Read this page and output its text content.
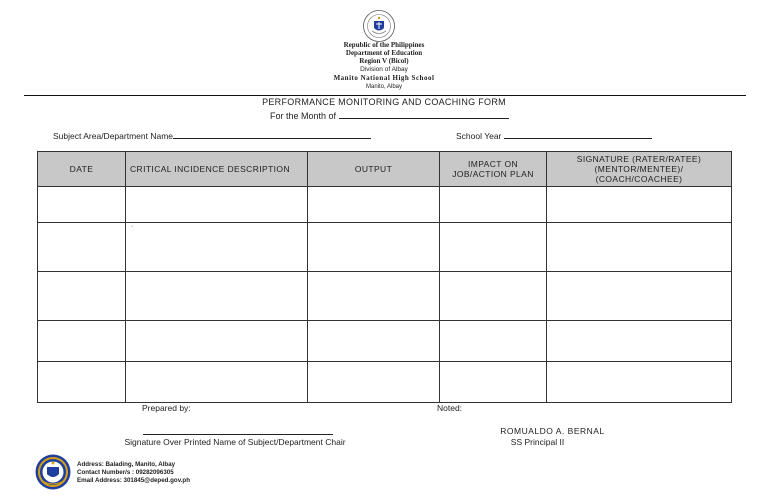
Republic of the Philippines
Department of Education
Region V (Bicol)
Division of Albay
Manito National High School
Manito, Albay
PERFORMANCE MONITORING AND COACHING FORM
For the Month of
Subject Area/Department Name	School Year
DATE	CRITICAL INCIDENCE DESCRIPTION	OUTPUT	IMPACT ON JOB/ACTION PLAN	SIGNATURE (RATER/RATEE)(MENTOR/MENTEE)/ (COACH/COACHEE)

	·			

Prepared by:	Noted:
Signature Over Printed Name of Subject/Department Chair
ROMUALDO A. BERNAL
SS Principal II
Address: Balading, Manito, Albay
Contact Number/s : 09282096305
Email Address: 301845@deped.gov.ph
